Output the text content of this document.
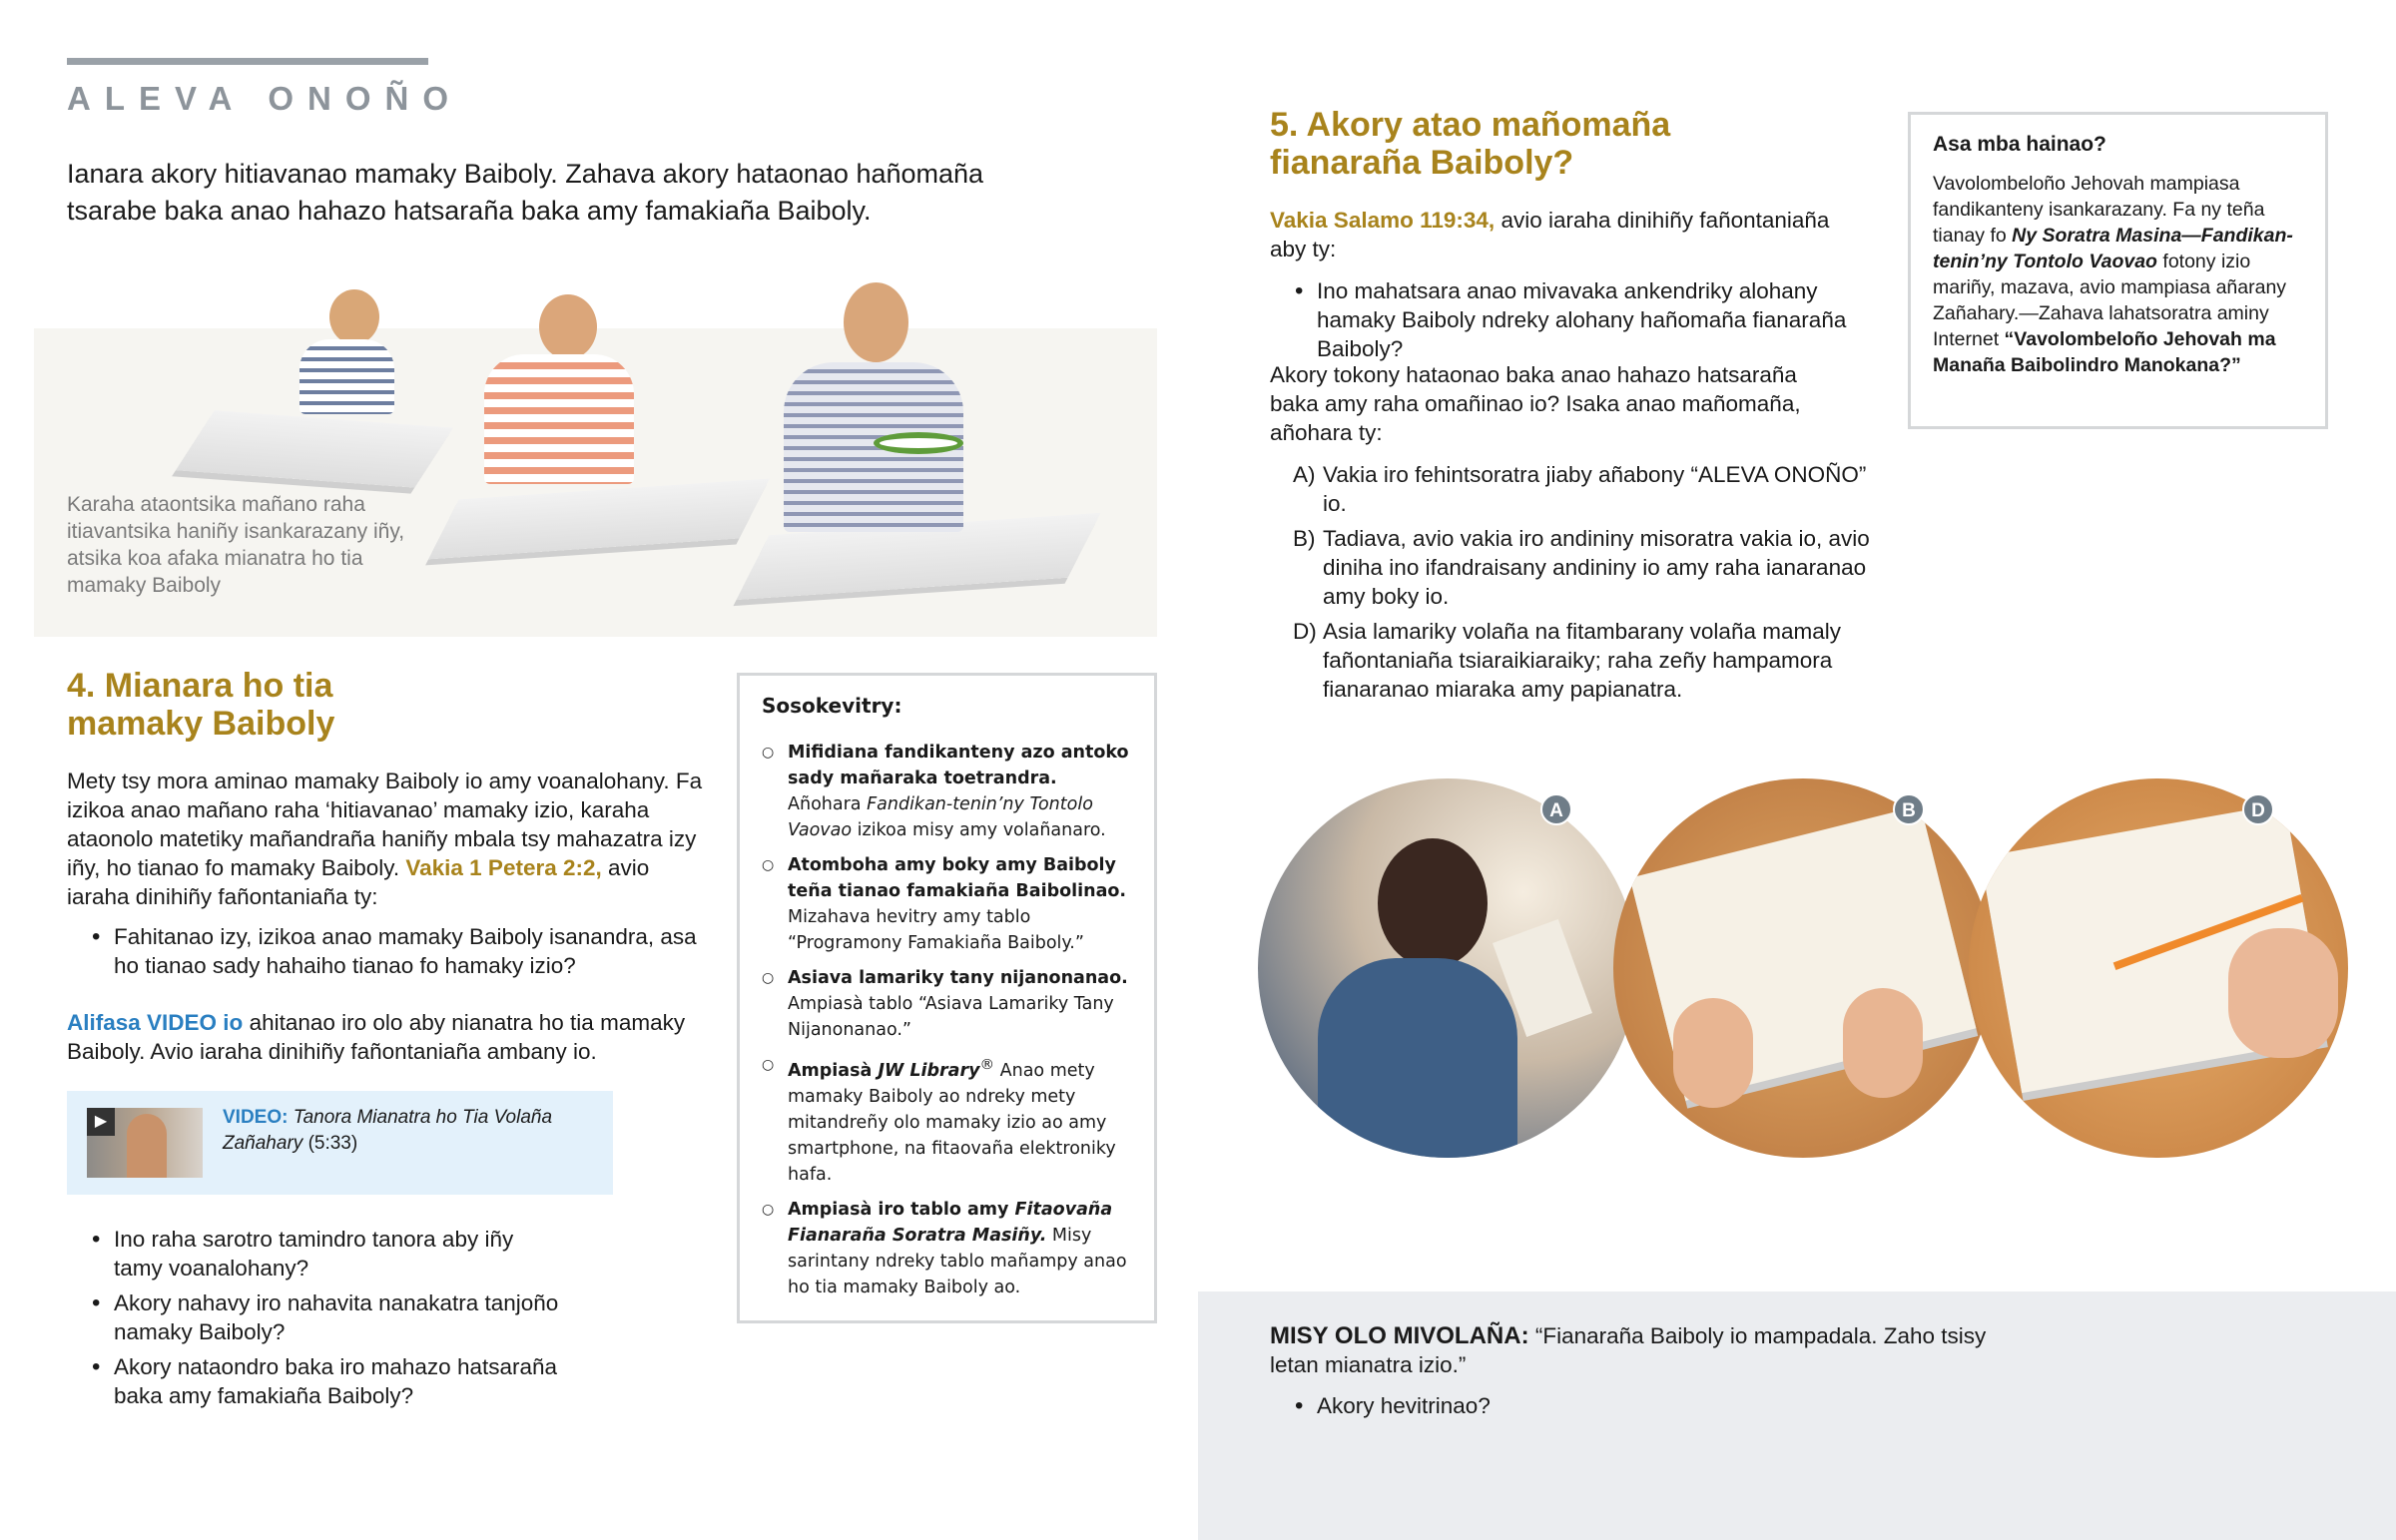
ALEVA ONOÑO

Ianara akory hitiavanao mamaky Baiboly. Zahava akory hataonao hañomaña tsarabe baka anao hahazo hatsaraña baka amy famakiaña Baiboly.

Karaha ataontsika mañano raha itiavantsika haniñy isankarazany iñy, atsika koa afaka mianatra ho tia mamaky Baiboly

4. Mianara ho tia mamaky Baiboly

Mety tsy mora aminao mamaky Baiboly io amy voanalohany. Fa izikoa anao mañano raha ‘hitiavanao’ mamaky izio, karaha ataonolo matetiky mañandraña haniñy mbala tsy mahazatra izy iñy, ho tianao fo mamaky Baiboly. Vakia 1 Petera 2:2, avio iaraha dinihiñy fañontaniaña ty:

• Fahitanao izy, izikoa anao mamaky Baiboly isanandra, asa ho tianao sady hahaiho tianao fo hamaky izio?

Alifasa VIDEO io ahitanao iro olo aby nianatra ho tia mamaky Baiboly. Avio iaraha dinihiñy fañontaniaña ambany io.

▶	VIDEO: Tanora Mianatra ho Tia Volaña Zañahary (5:33)
• Ino raha sarotro tamindro tanora aby iñy tamy voanalohany?
• Akory nahavy iro nahavita nanakatra tanjoño namaky Baiboly?
• Akory nataondro baka iro mahazo hatsaraña baka amy famakiaña Baiboly?
Sosokevitry:
○ Mifidiana fandikanteny azo antoko sady mañaraka toetrandra. Añohara Fandikan-tenin’ny Tontolo Vaovao izikoa misy amy volañanaro.
○ Atomboha amy boky amy Baiboly teña tianao famakiaña Baibolinao. Mizahava hevitry amy tablo “Programony Famakiaña Baiboly.”
○ Asiava lamariky tany nijanonanao. Ampiasà tablo “Asiava Lamariky Tany Nijanonanao.”
○ Ampiasà JW Library® Anao mety mamaky Baiboly ao ndreky mety mitandreñy olo mamaky izio ao amy smartphone, na fitaovaña elektroniky hafa.
○ Ampiasà iro tablo amy Fitaovaña Fianaraña Soratra Masiñy. Misy sarintany ndreky tablo mañampy anao ho tia mamaky Baiboly ao.
5. Akory atao mañomaña fianaraña Baiboly?

Vakia Salamo 119:34, avio iaraha dinihiñy fañontaniaña aby ty:

• Ino mahatsara anao mivavaka ankendriky alohany hamaky Baiboly ndreky alohany hañomaña fianaraña Baiboly?

Akory tokony hataonao baka anao hahazo hatsaraña baka amy raha omañinao io? Isaka anao mañomaña, añohara ty:

A) Vakia iro fehintsoratra jiaby añabony “ALEVA ONOÑO” io.
B) Tadiava, avio vakia iro andininy misoratra vakia io, avio diniha ino ifandraisany andininy io amy raha ianaranao amy boky io.
D) Asia lamariky volaña na fitambarany volaña mamaly fañontaniaña tsiaraikiaraiky; raha zeñy hampamora fianaranao miaraka amy papianatra.
Asa mba hainao?

Vavolombeloño Jehovah mampiasa fandikanteny isankarazany. Fa ny teña tianay fo Ny Soratra Masina—Fandikan-tenin’ny Tontolo Vaovao fotony izio mariñy, mazava, avio mampiasa añarany Zañahary.—Zahava lahatsoratra aminy Internet “Vavolombeloño Jehovah ma Manaña Baibolindro Manokana?”

A	B	D

MISY OLO MIVOLAÑA: “Fianaraña Baiboly io mampadala. Zaho tsisy letan mianatra izio.”

• Akory hevitrinao?
